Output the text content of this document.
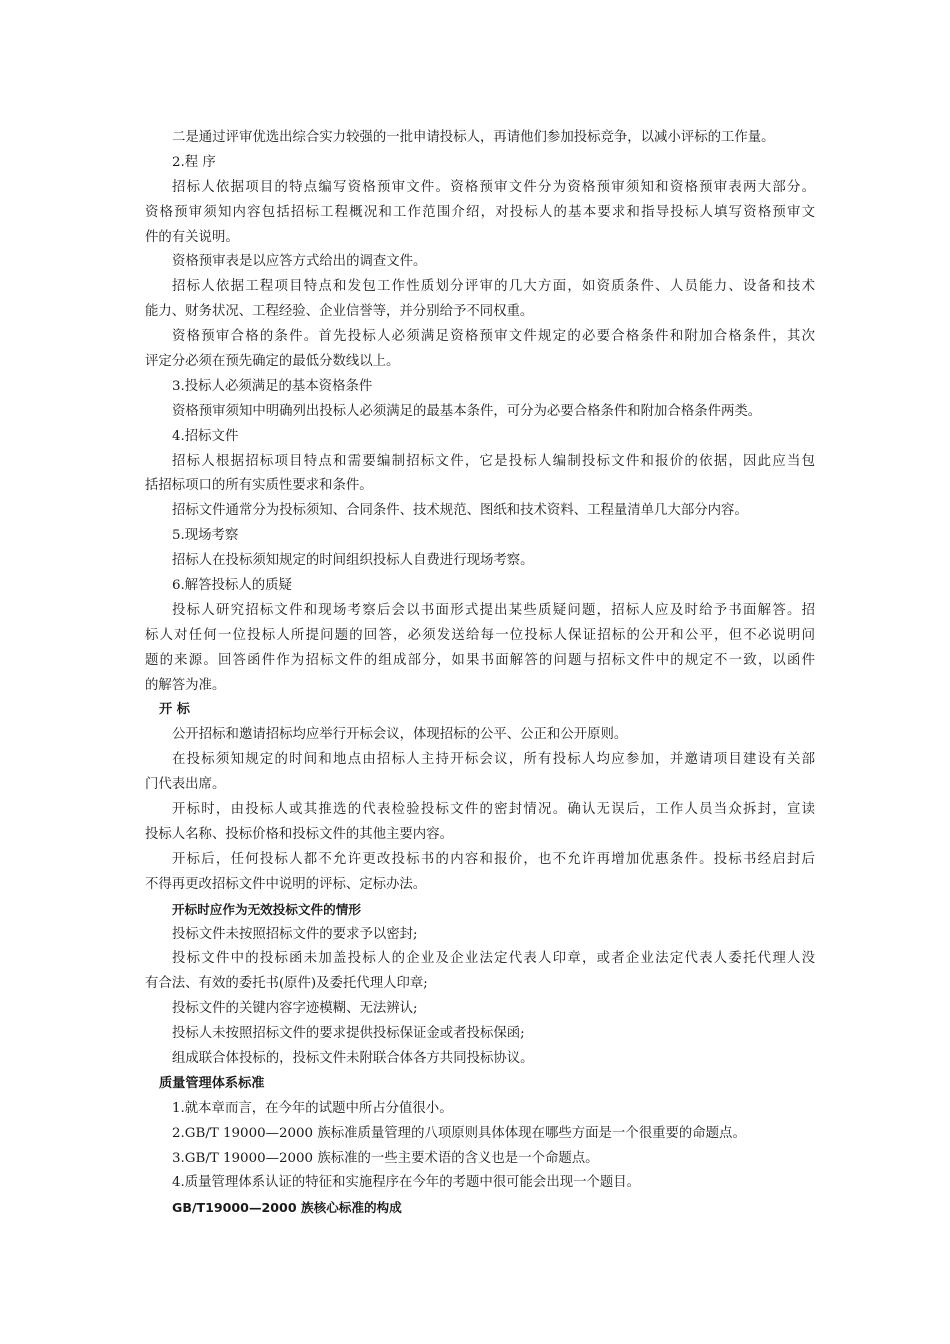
二是通过评审优选出综合实力较强的一批申请投标人，再请他们参加投标竞争，以减小评标的工作量。
2.程 序
招标人依据项目的特点编写资格预审文件。资格预审文件分为资格预审须知和资格预审表两大部分。
资格预审须知内容包括招标工程概况和工作范围介绍，对投标人的基本要求和指导投标人填写资格预审文
件的有关说明。
资格预审表是以应答方式给出的调查文件。
招标人依据工程项目特点和发包工作性质划分评审的几大方面，如资质条件、人员能力、设备和技术
能力、财务状况、工程经验、企业信誉等，并分别给予不同权重。
资格预审合格的条件。首先投标人必须满足资格预审文件规定的必要合格条件和附加合格条件，其次
评定分必须在预先确定的最低分数线以上。
3.投标人必须满足的基本资格条件
资格预审须知中明确列出投标人必须满足的最基本条件，可分为必要合格条件和附加合格条件两类。
4.招标文件
招标人根据招标项目特点和需要编制招标文件，它是投标人编制投标文件和报价的依据，因此应当包
括招标项口的所有实质性要求和条件。
招标文件通常分为投标须知、合同条件、技术规范、图纸和技术资料、工程量清单几大部分内容。
5.现场考察
招标人在投标须知规定的时间组织投标人自费进行现场考察。
6.解答投标人的质疑
投标人研究招标文件和现场考察后会以书面形式提出某些质疑问题，招标人应及时给予书面解答。招
标人对任何一位投标人所提问题的回答，必须发送给每一位投标人保证招标的公开和公平，但不必说明问
题的来源。回答函件作为招标文件的组成部分，如果书面解答的问题与招标文件中的规定不一致，以函件
的解答为准。
开 标
公开招标和邀请招标均应举行开标会议，体现招标的公平、公正和公开原则。
在投标须知规定的时间和地点由招标人主持开标会议，所有投标人均应参加，并邀请项目建设有关部
门代表出席。
开标时，由投标人或其推选的代表检验投标文件的密封情况。确认无误后，工作人员当众拆封，宣读
投标人名称、投标价格和投标文件的其他主要内容。
开标后，任何投标人都不允许更改投标书的内容和报价，也不允许再增加优惠条件。投标书经启封后
不得再更改招标文件中说明的评标、定标办法。
开标时应作为无效投标文件的情形
投标文件未按照招标文件的要求予以密封;
投标文件中的投标函未加盖投标人的企业及企业法定代表人印章，或者企业法定代表人委托代理人没
有合法、有效的委托书(原件)及委托代理人印章;
投标文件的关键内容字迹模糊、无法辨认;
投标人未按照招标文件的要求提供投标保证金或者投标保函;
组成联合体投标的，投标文件未附联合体各方共同投标协议。
质量管理体系标准
1.就本章而言，在今年的试题中所占分值很小。
2.GB/T 19000—2000 族标准质量管理的八项原则具体体现在哪些方面是一个很重要的命题点。
3.GB/T 19000—2000 族标准的一些主要术语的含义也是一个命题点。
4.质量管理体系认证的特征和实施程序在今年的考题中很可能会出现一个题目。
GB/T19000—2000 族核心标准的构成
